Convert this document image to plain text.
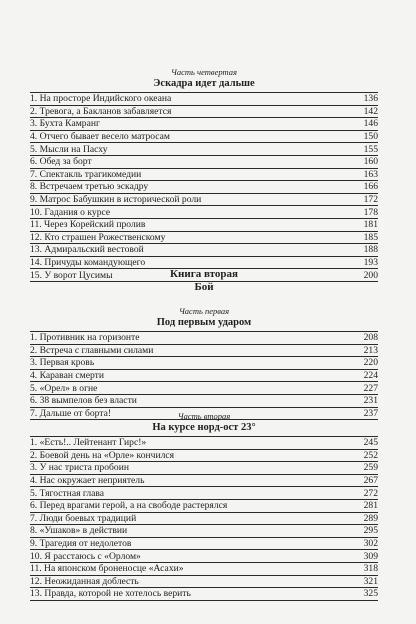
Часть четвертая
Эскадра идет дальше
1. На просторе Индийского океана	136
2. Тревога, а Бакланов забавляется	142
3. Бухта Камранг	146
4. Отчего бывает весело матросам	150
5. Мысли на Пасху	155
6. Обед за борт	160
7. Спектакль трагикомедии	163
8. Встречаем третью эскадру	166
9. Матрос Бабушкин в исторической роли	172
10. Гадания о курсе	178
11. Через Корейский пролив	181
12. Кто страшен Рожественскому	185
13. Адмиральский вестовой	188
14. Причуды командующего	193
15. У ворот Цусимы	200
Книга вторая
Бой
Часть первая
Под первым ударом
1. Противник на горизонте	208
2. Встреча с главными силами	213
3. Первая кровь	220
4. Караван смерти	224
5. «Орел» в огне	227
6. 38 вымпелов без власти	231
7. Дальше от борта!	237
Часть вторая
На курсе норд-ост 23°
1. «Есть!.. Лейтенант Гирс!»	245
2. Боевой день на «Орле» кончился	252
3. У нас триста пробоин	259
4. Нас окружает неприятель	267
5. Тягостная глава	272
6. Перед врагами герой, а на свободе растерялся	281
7. Люди боевых традиций	289
8. «Ушаков» в действии	295
9. Трагедия от недолетов	302
10. Я расстаюсь с «Орлом»	309
11. На японском броненосце «Асахи»	318
12. Неожиданная доблесть	321
13. Правда, которой не хотелось верить	325
